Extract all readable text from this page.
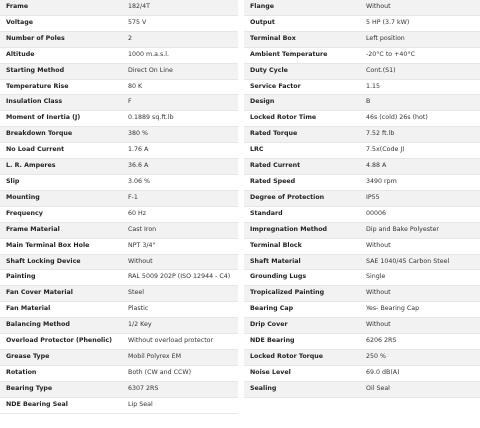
Frame	182/4T
Voltage	575 V
Number of Poles	2
Altitude	1000 m.a.s.l.
Starting Method	Direct On Line
Temperature Rise	80 K
Insulation Class	F
Moment of Inertia (J)	0.1889 sq.ft.lb
Breakdown Torque	380 %
No Load Current	1.76 A
L. R. Amperes	36.6 A
Slip	3.06 %
Mounting	F-1
Frequency	60 Hz
Frame Material	Cast Iron
Main Terminal Box Hole	NPT 3/4"
Shaft Locking Device	Without
Painting	RAL 5009 202P (ISO 12944 - C4)
Fan Cover Material	Steel
Fan Material	Plastic
Balancing Method	1/2 Key
Overload Protector (Phenolic)	Without overload protector
Grease Type	Mobil Polyrex EM
Rotation	Both (CW and CCW)
Bearing Type	6307 2RS
NDE Bearing Seal	Lip Seal
Flange	Without
Output	5 HP (3.7 kW)
Terminal Box	Left position
Ambient Temperature	-20°C to +40°C
Duty Cycle	Cont.(S1)
Service Factor	1.15
Design	B
Locked Rotor Time	46s (cold) 26s (hot)
Rated Torque	7.52 ft.lb
LRC	7.5x(Code J)
Rated Current	4.88 A
Rated Speed	3490 rpm
Degree of Protection	IP55
Standard	00006
Impregnation Method	Dip and Bake Polyester
Terminal Block	Without
Shaft Material	SAE 1040/45 Carbon Steel
Grounding Lugs	Single
Tropicalized Painting	Without
Bearing Cap	Yes- Bearing Cap
Drip Cover	Without
NDE Bearing	6206 2RS
Locked Rotor Torque	250 %
Noise Level	69.0 dB(A)
Sealing	Oil Seal
